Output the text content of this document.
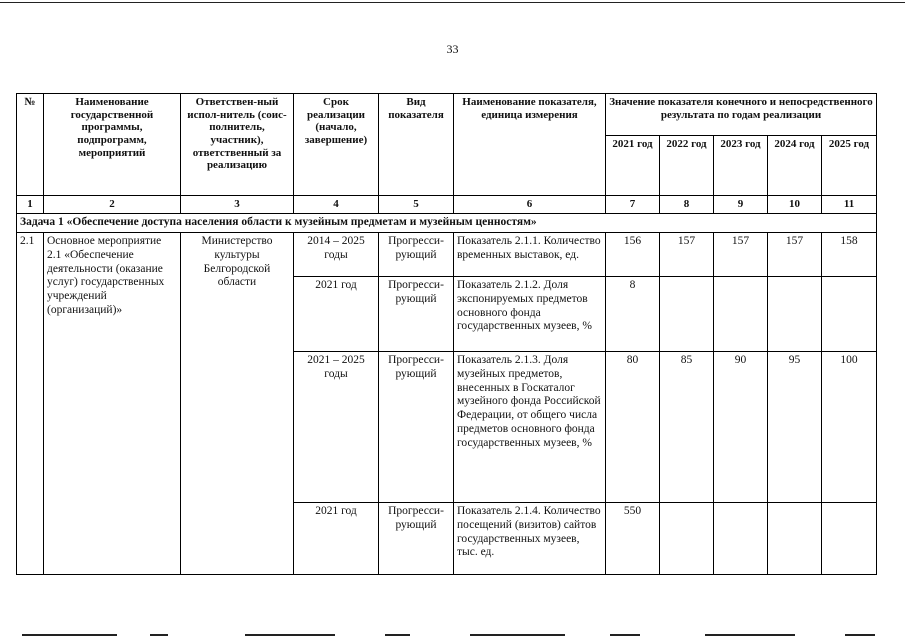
33
№	Наименование государственной программы, подпрограмм, мероприятий	Ответствен-ный испол-нитель (соис-полнитель, участник), ответственный за реализацию	Срок реализации (начало, завершение)	Вид показателя	Наименование показателя, единица измерения	Значение показателя конечного и непосредственного результата по годам реализации				
						2021 год	2022 год	2023 год	2024 год	2025 год
1	2	3	4	5	6	7	8	9	10	11
Задача 1 «Обеспечение доступа населения области к музейным предметам и музейным ценностям»										
2.1	Основное мероприятие 2.1 «Обеспечение деятельности (оказание услуг) государственных учреждений (организаций)»	Министерство культуры Белгородской области	2014 – 2025 годы	Прогресси-рующий	Показатель 2.1.1. Количество временных выставок, ед.	156	157	157	157	158
			2021 год	Прогресси-рующий	Показатель 2.1.2. Доля экспонируемых предметов основного фонда государственных музеев, %	8				
			2021 – 2025 годы	Прогресси-рующий	Показатель 2.1.3. Доля музейных предметов, внесенных в Госкаталог музейного фонда Российской Федерации, от общего числа предметов основного фонда государственных музеев, %	80	85	90	95	100
			2021 год	Прогресси-рующий	Показатель 2.1.4. Количество посещений (визитов) сайтов государственных музеев, тыс. ед.	550				
